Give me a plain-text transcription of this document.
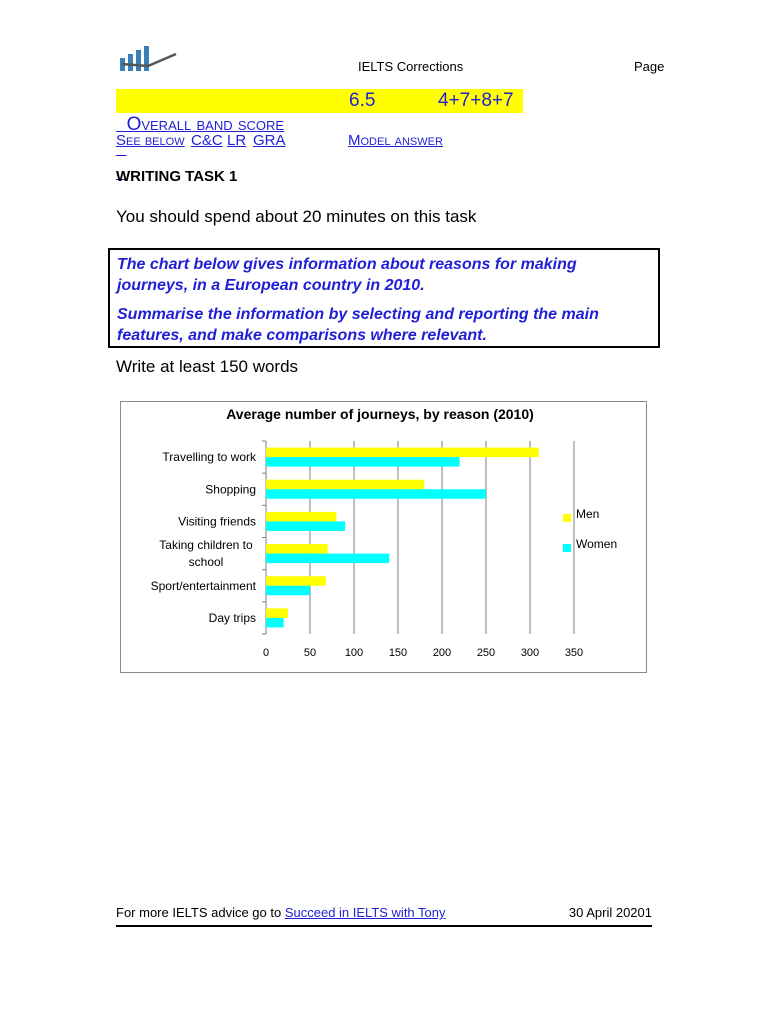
IELTS Corrections	Page

Overall band score

6.5

	4+7+8+7

See below C&C LR GRA	Model answer
WRITING TASK 1
You should spend about 20 minutes on this task

The chart below gives information about reasons for making journeys, in a European country in 2010.

Summarise the information by selecting and reporting the main features, and make comparisons where relevant.

Write at least 150 words
Average number of journeys, by reason (2010)
0	50	100 150 200 250 300 350
Travelling to work
Shopping
Visiting friends
Taking children to
school
Sport/entertainment
Day trips
Men
Women
For more IELTS advice go to Succeed in IELTS with Tony	30 April 20201
